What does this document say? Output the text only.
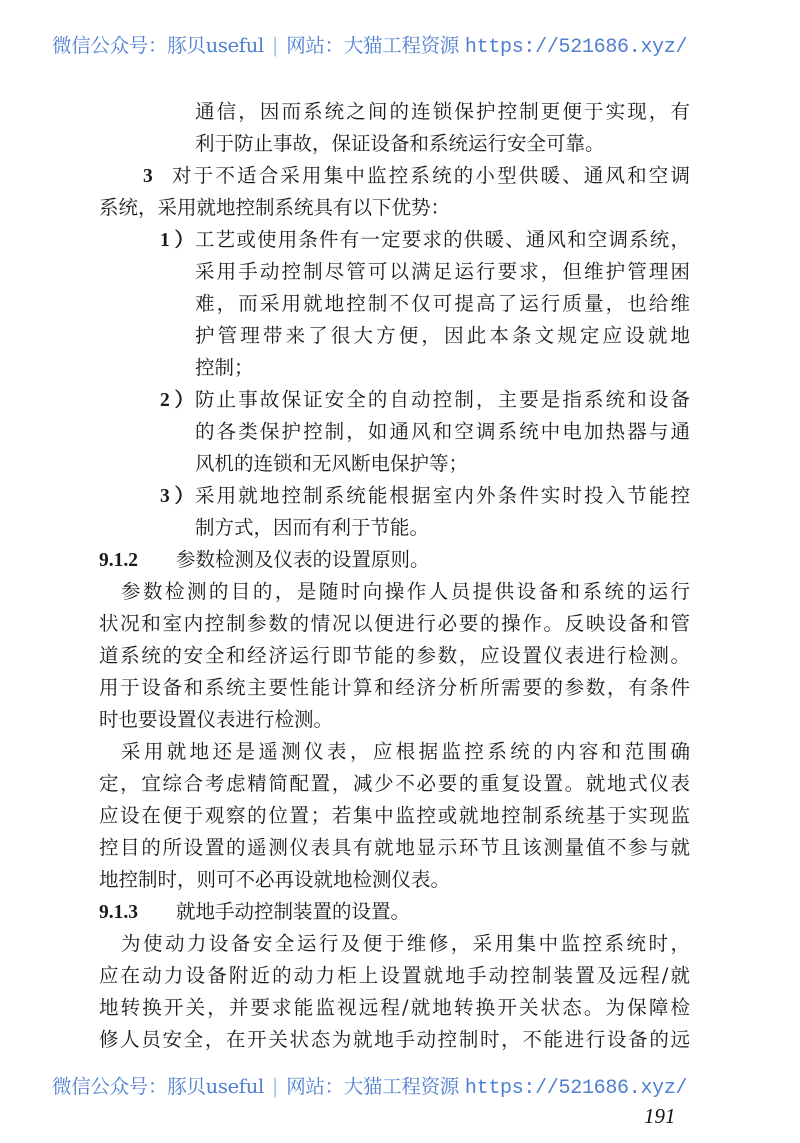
微信公众号：豚贝useful | 网站：大猫工程资源 https://521686.xyz/
通信，因而系统之间的连锁保护控制更便于实现，有
利于防止事故，保证设备和系统运行安全可靠。
3 对于不适合采用集中监控系统的小型供暖、通风和空调
系统，采用就地控制系统具有以下优势：
1） 工艺或使用条件有一定要求的供暖、通风和空调系统，
采用手动控制尽管可以满足运行要求，但维护管理困
难，而采用就地控制不仅可提高了运行质量，也给维
护管理带来了很大方便，因此本条文规定应设就地
控制；
2） 防止事故保证安全的自动控制，主要是指系统和设备
的各类保护控制，如通风和空调系统中电加热器与通
风机的连锁和无风断电保护等；
3） 采用就地控制系统能根据室内外条件实时投入节能控
制方式，因而有利于节能。
9.1.2	参数检测及仪表的设置原则。
参数检测的目的，是随时向操作人员提供设备和系统的运行
状况和室内控制参数的情况以便进行必要的操作。反映设备和管
道系统的安全和经济运行即节能的参数，应设置仪表进行检测。
用于设备和系统主要性能计算和经济分析所需要的参数，有条件
时也要设置仪表进行检测。
采用就地还是遥测仪表，应根据监控系统的内容和范围确
定，宜综合考虑精简配置，减少不必要的重复设置。就地式仪表
应设在便于观察的位置；若集中监控或就地控制系统基于实现监
控目的所设置的遥测仪表具有就地显示环节且该测量值不参与就
地控制时，则可不必再设就地检测仪表。
9.1.3	就地手动控制装置的设置。
为使动力设备安全运行及便于维修，采用集中监控系统时，
应在动力设备附近的动力柜上设置就地手动控制装置及远程/就
地转换开关，并要求能监视远程/就地转换开关状态。为保障检
修人员安全，在开关状态为就地手动控制时，不能进行设备的远
微信公众号：豚贝useful | 网站：大猫工程资源 https://521686.xyz/
191
